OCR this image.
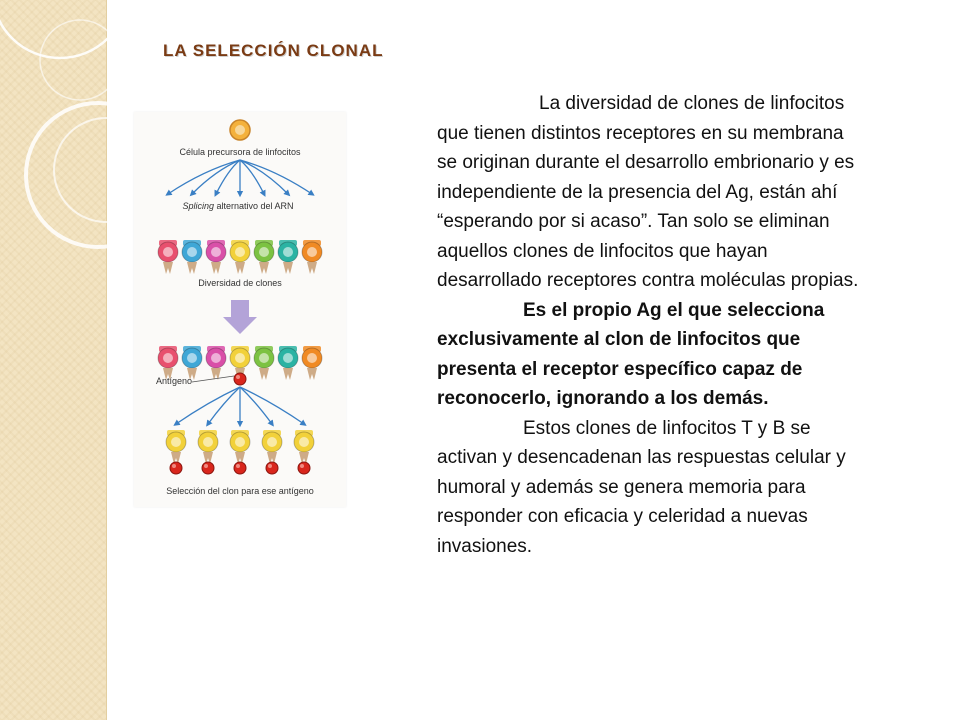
LA SELECCIÓN CLONAL
Célula precursora de linfocitos
Splicing alternativo del ARN
Diversidad de clones
Antígeno
Selección del clon para ese antígeno

La diversidad de clones de linfocitos que tienen distintos receptores en su membrana se originan durante el desarrollo embrionario y es independiente de la presencia del Ag, están ahí “esperando por si acaso”. Tan solo se eliminan aquellos clones de linfocitos que hayan desarrollado receptores contra moléculas propias.

Es el propio Ag el que selecciona exclusivamente al clon de linfocitos que presenta el receptor específico capaz de reconocerlo, ignorando a los demás.

Estos clones de linfocitos T y B se activan y desencadenan las respuestas celular y humoral y además se genera memoria para responder con eficacia y celeridad a nuevas invasiones.
